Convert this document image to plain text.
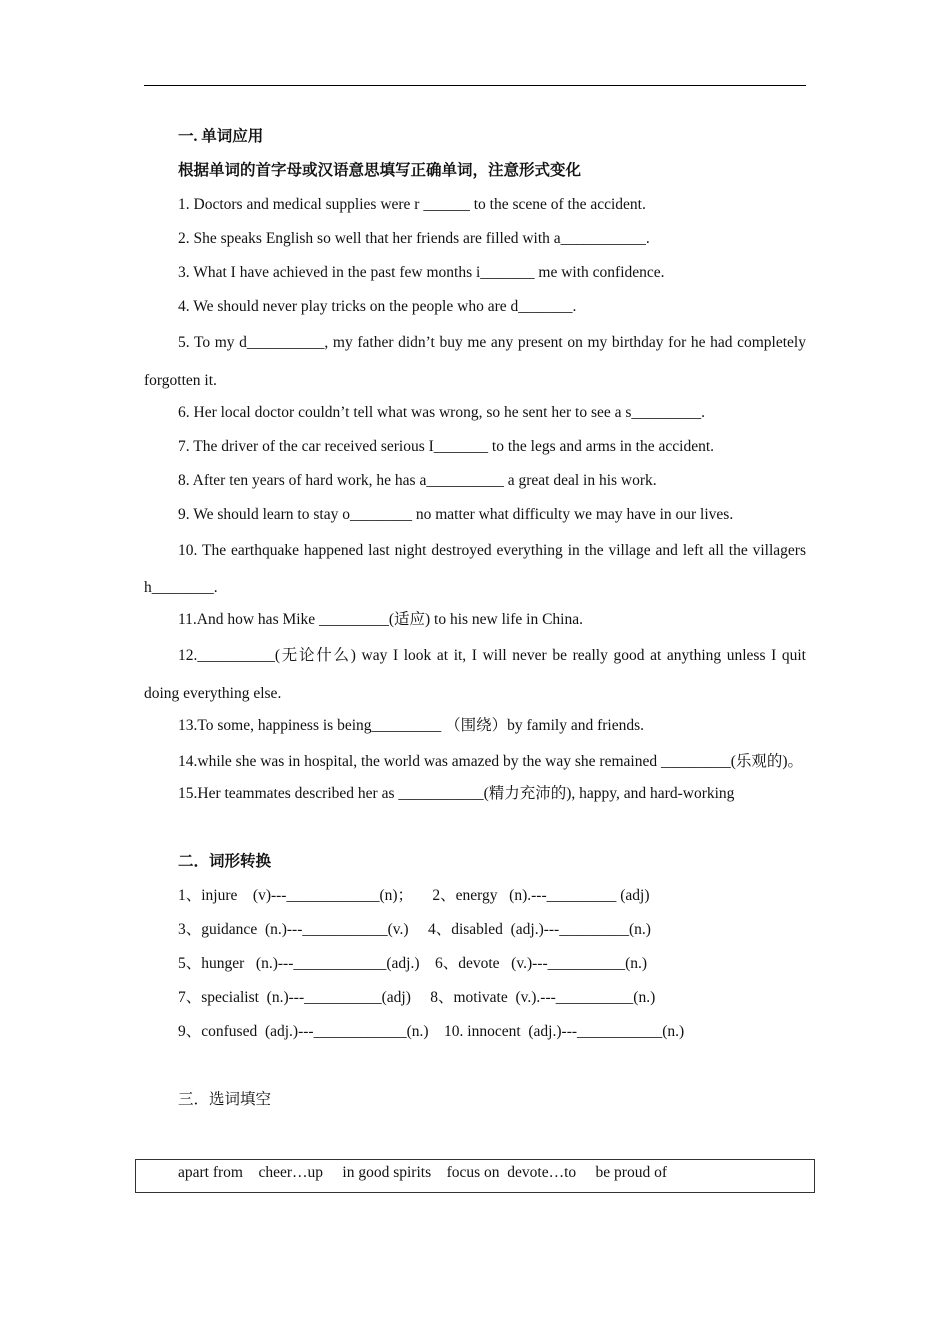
一. 单词应用
根据单词的首字母或汉语意思填写正确单词，注意形式变化
1. Doctors and medical supplies were r ______ to the scene of the accident.
2. She speaks English so well that her friends are filled with a___________.
3. What I have achieved in the past few months i_______ me with confidence.
4. We should never play tricks on the people who are d_______.
5. To my d__________, my father didn’t buy me any present on my birthday for he had completely forgotten it.
6. Her local doctor couldn’t tell what was wrong, so he sent her to see a s_________.
7. The driver of the car received serious I_______ to the legs and arms in the accident.
8. After ten years of hard work, he has a__________ a great deal in his work.
9. We should learn to stay o________ no matter what difficulty we may have in our lives.
10. The earthquake happened last night destroyed everything in the village and left all the villagers h________.
11.And how has Mike _________(适应) to his new life in China.
12.__________(无论什么) way I look at it, I will never be really good at anything unless I quit doing everything else.
13.To some, happiness is being_________ （围绕）by family and friends.
14.while she was in hospital, the world was amazed by the way she remained _________(乐观的)。
15.Her teammates described her as ___________(精力充沛的), happy, and hard-working
二．词形转换
1、injure    (v)---____________(n)；     2、energy   (n).---_________ (adj)
3、guidance  (n.)---___________(v.)     4、disabled  (adj.)---_________(n.)
5、hunger   (n.)---____________(adj.)    6、devote   (v.)---__________(n.)
7、specialist  (n.)---__________(adj)     8、motivate  (v.).---__________(n.)
9、confused  (adj.)---____________(n.)    10. innocent  (adj.)---___________(n.)
三．选词填空
apart from    cheer…up     in good spirits    focus on  devote…to     be proud of
